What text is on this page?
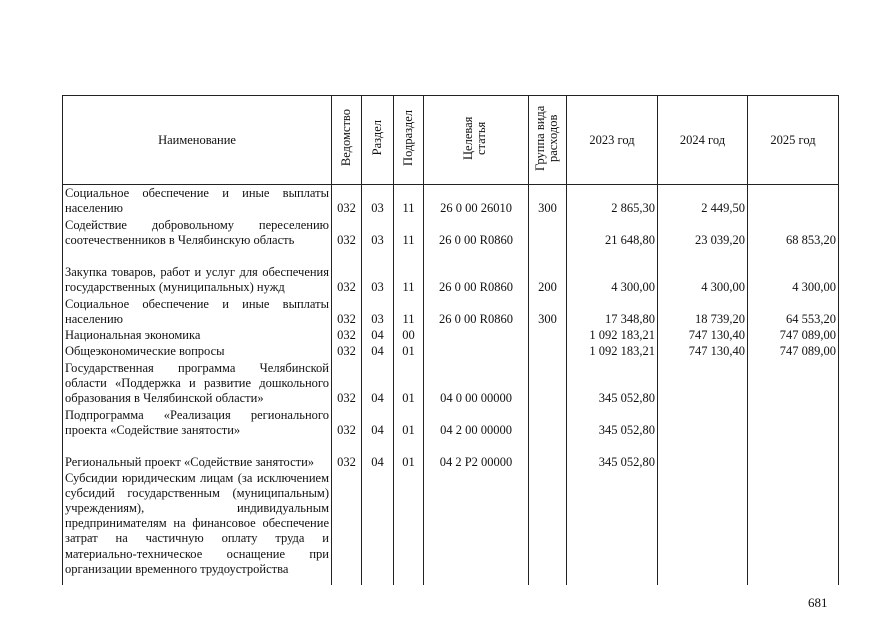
Наименование	Ведомство	Раздел	Подраздел	Целевая статья	Группа вида расходов	2023 год	2024 год	2025 год
Социальное обеспечение и иные выплаты населению	032	03	11	26 0 00 26010	300	2 865,30	2 449,50	
Содействие добровольному переселению соотечественников в Челябинскую область	032	03	11	26 0 00 R0860		21 648,80	23 039,20	68 853,20
Закупка товаров, работ и услуг для обеспечения государственных (муниципальных) нужд	032	03	11	26 0 00 R0860	200	4 300,00	4 300,00	4 300,00
Социальное обеспечение и иные выплаты населению	032	03	11	26 0 00 R0860	300	17 348,80	18 739,20	64 553,20
Национальная экономика	032	04	00			1 092 183,21	747 130,40	747 089,00
Общеэкономические вопросы	032	04	01			1 092 183,21	747 130,40	747 089,00
Государственная программа Челябинской области «Поддержка и развитие дошкольного образования в Челябинской области»	032	04	01	04 0 00 00000		345 052,80		
Подпрограмма «Реализация регионального проекта «Содействие занятости»	032	04	01	04 2 00 00000		345 052,80		
Региональный проект «Содействие занятости»	032	04	01	04 2 P2 00000		345 052,80		
Субсидии юридическим лицам (за исключением субсидий государственным (муниципальным) учреждениям), индивидуальным предпринимателям на финансовое обеспечение затрат на частичную оплату труда и материально-техническое оснащение при организации временного трудоустройства								
681
